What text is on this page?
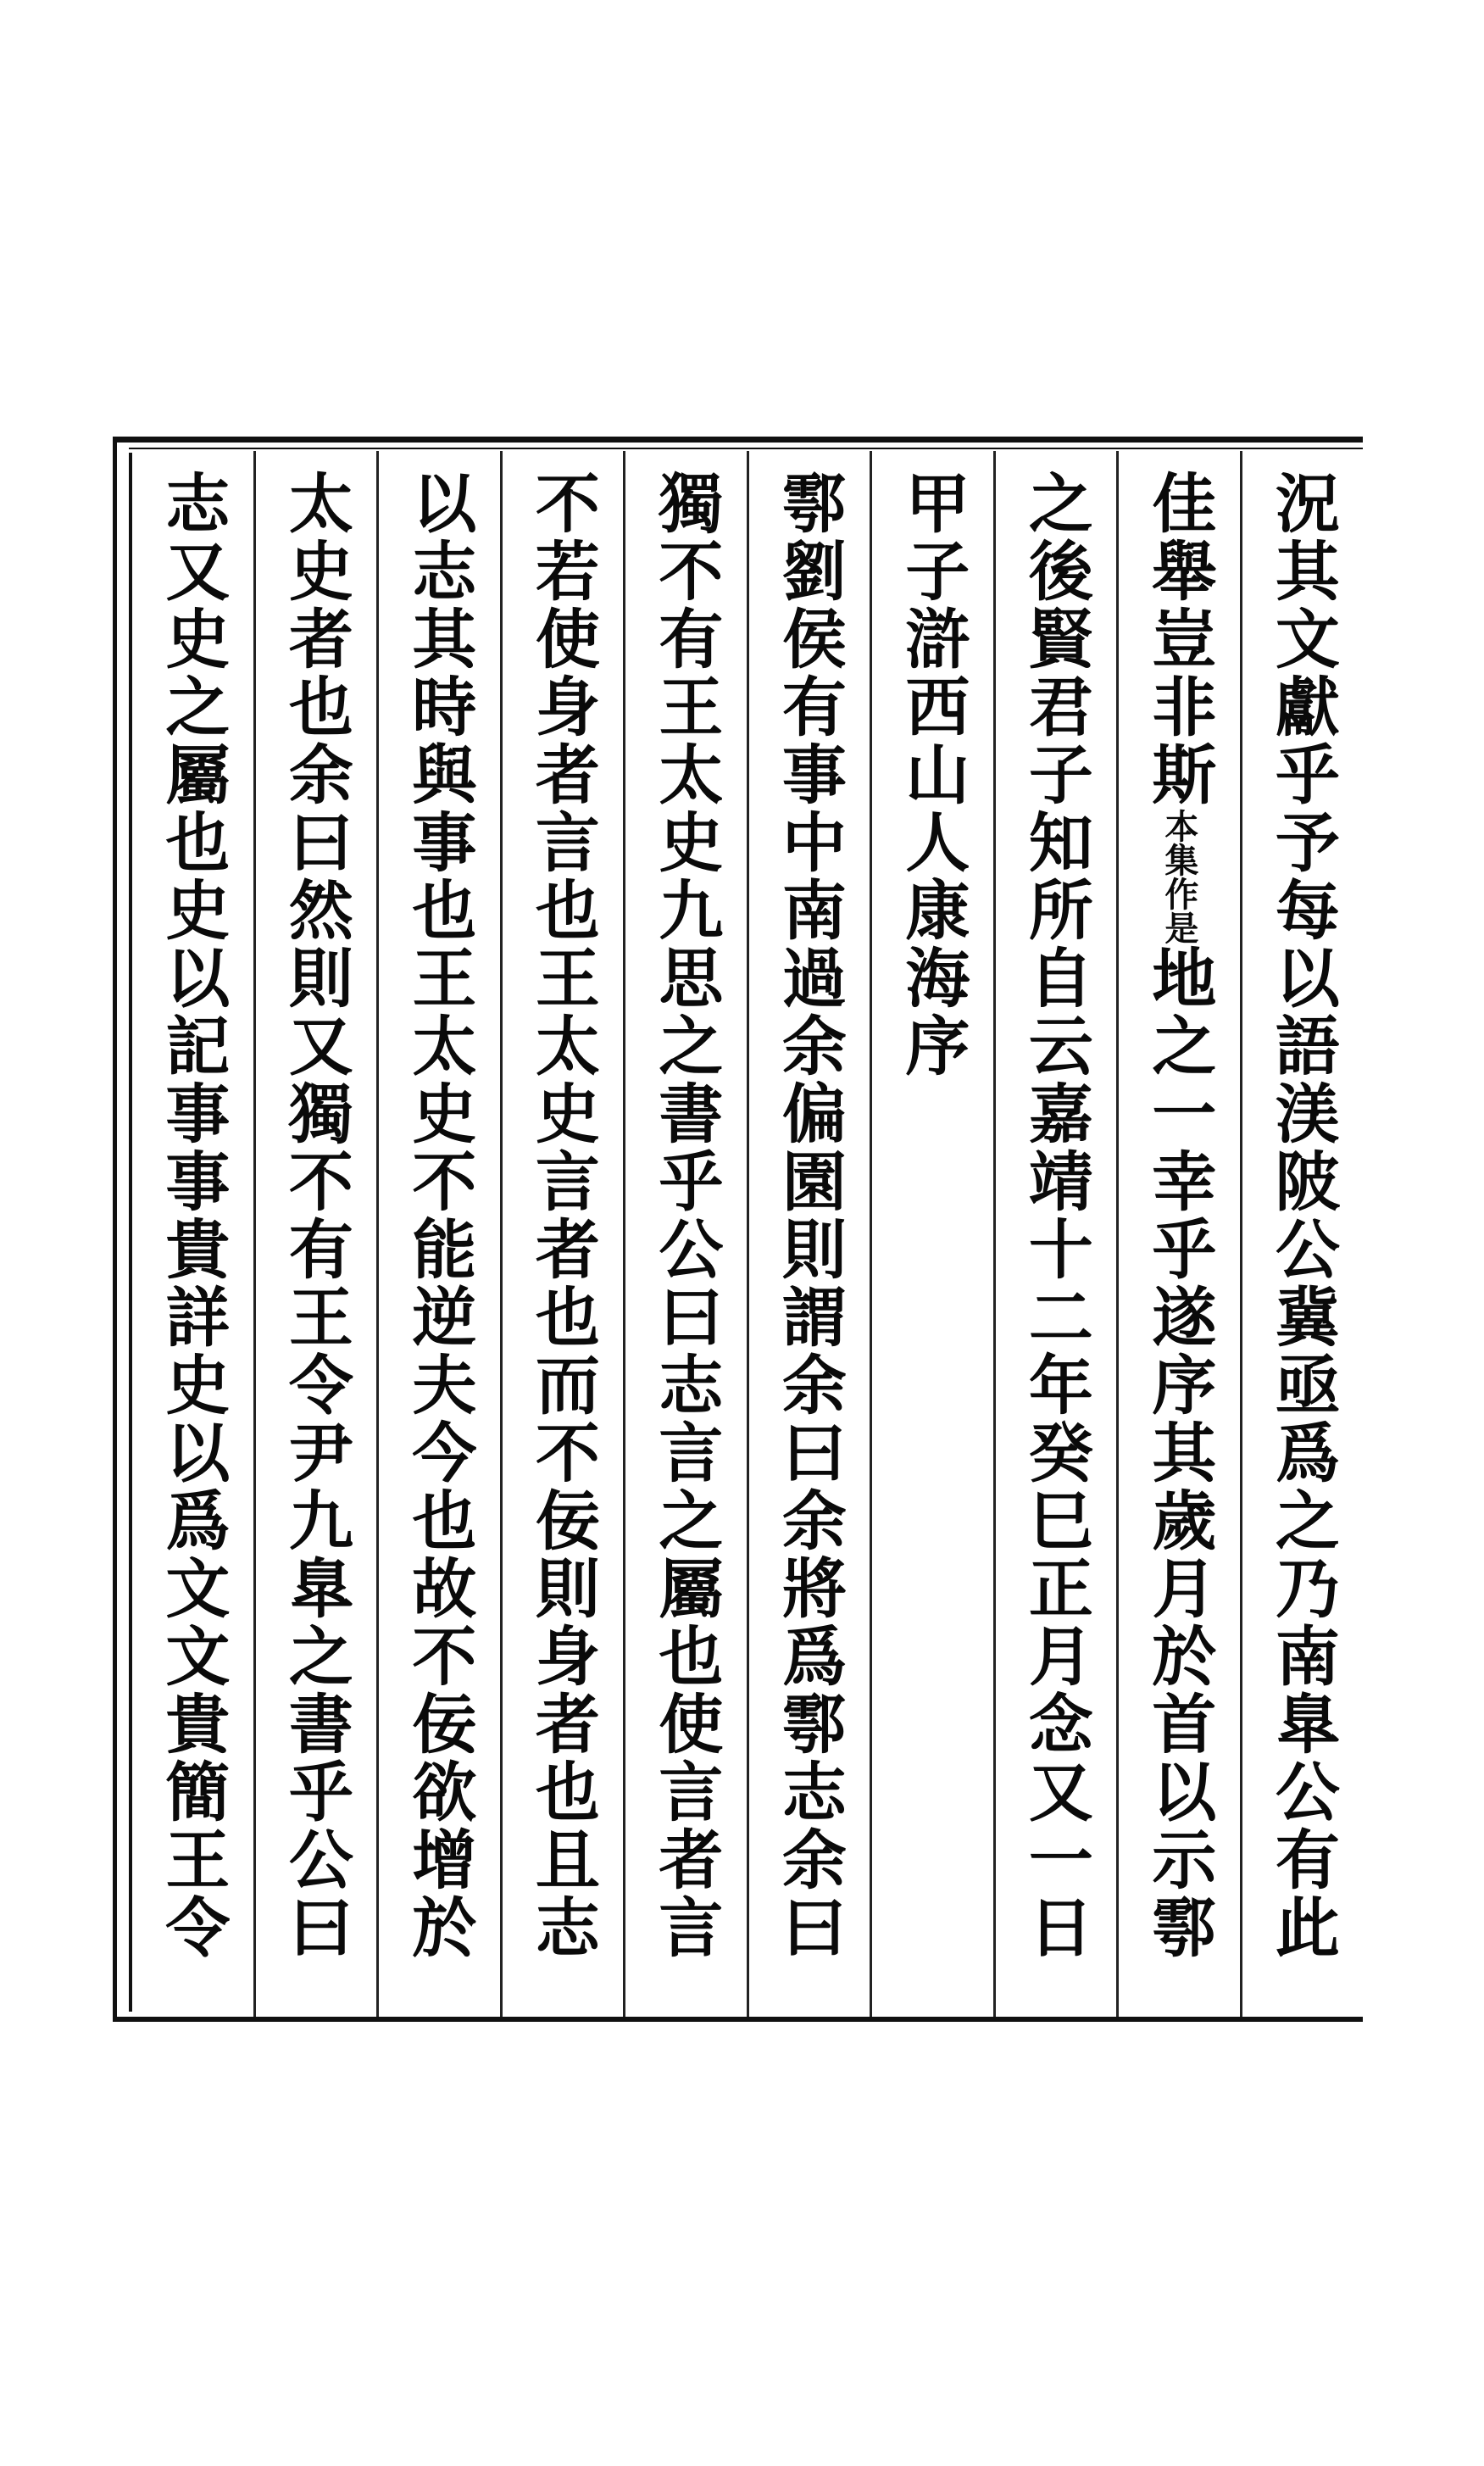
況其文獻乎予每以語渼陂公冀亟爲之乃南臯公有此
佳舉豈非斯本集作是地之一幸乎遂序其歲月於首以示鄠
之後賢君子知所自云嘉靖十二年癸巳正月念又一日
甲子滸西山人康海序
鄠劉侯有事中南過余偏園則謂余曰余將爲鄠志余曰
獨不有王太史九思之書乎公曰志言之屬也使言者言
不若使身者言也王太史言者也而不佞則身者也且志
以志其時與事也王太史不能逆夫今也故不佞欲增於
太史者也余曰然則又獨不有王令尹九臯之書乎公曰
志又史之屬也史以記事事貴詳史以爲文文貴簡王令
